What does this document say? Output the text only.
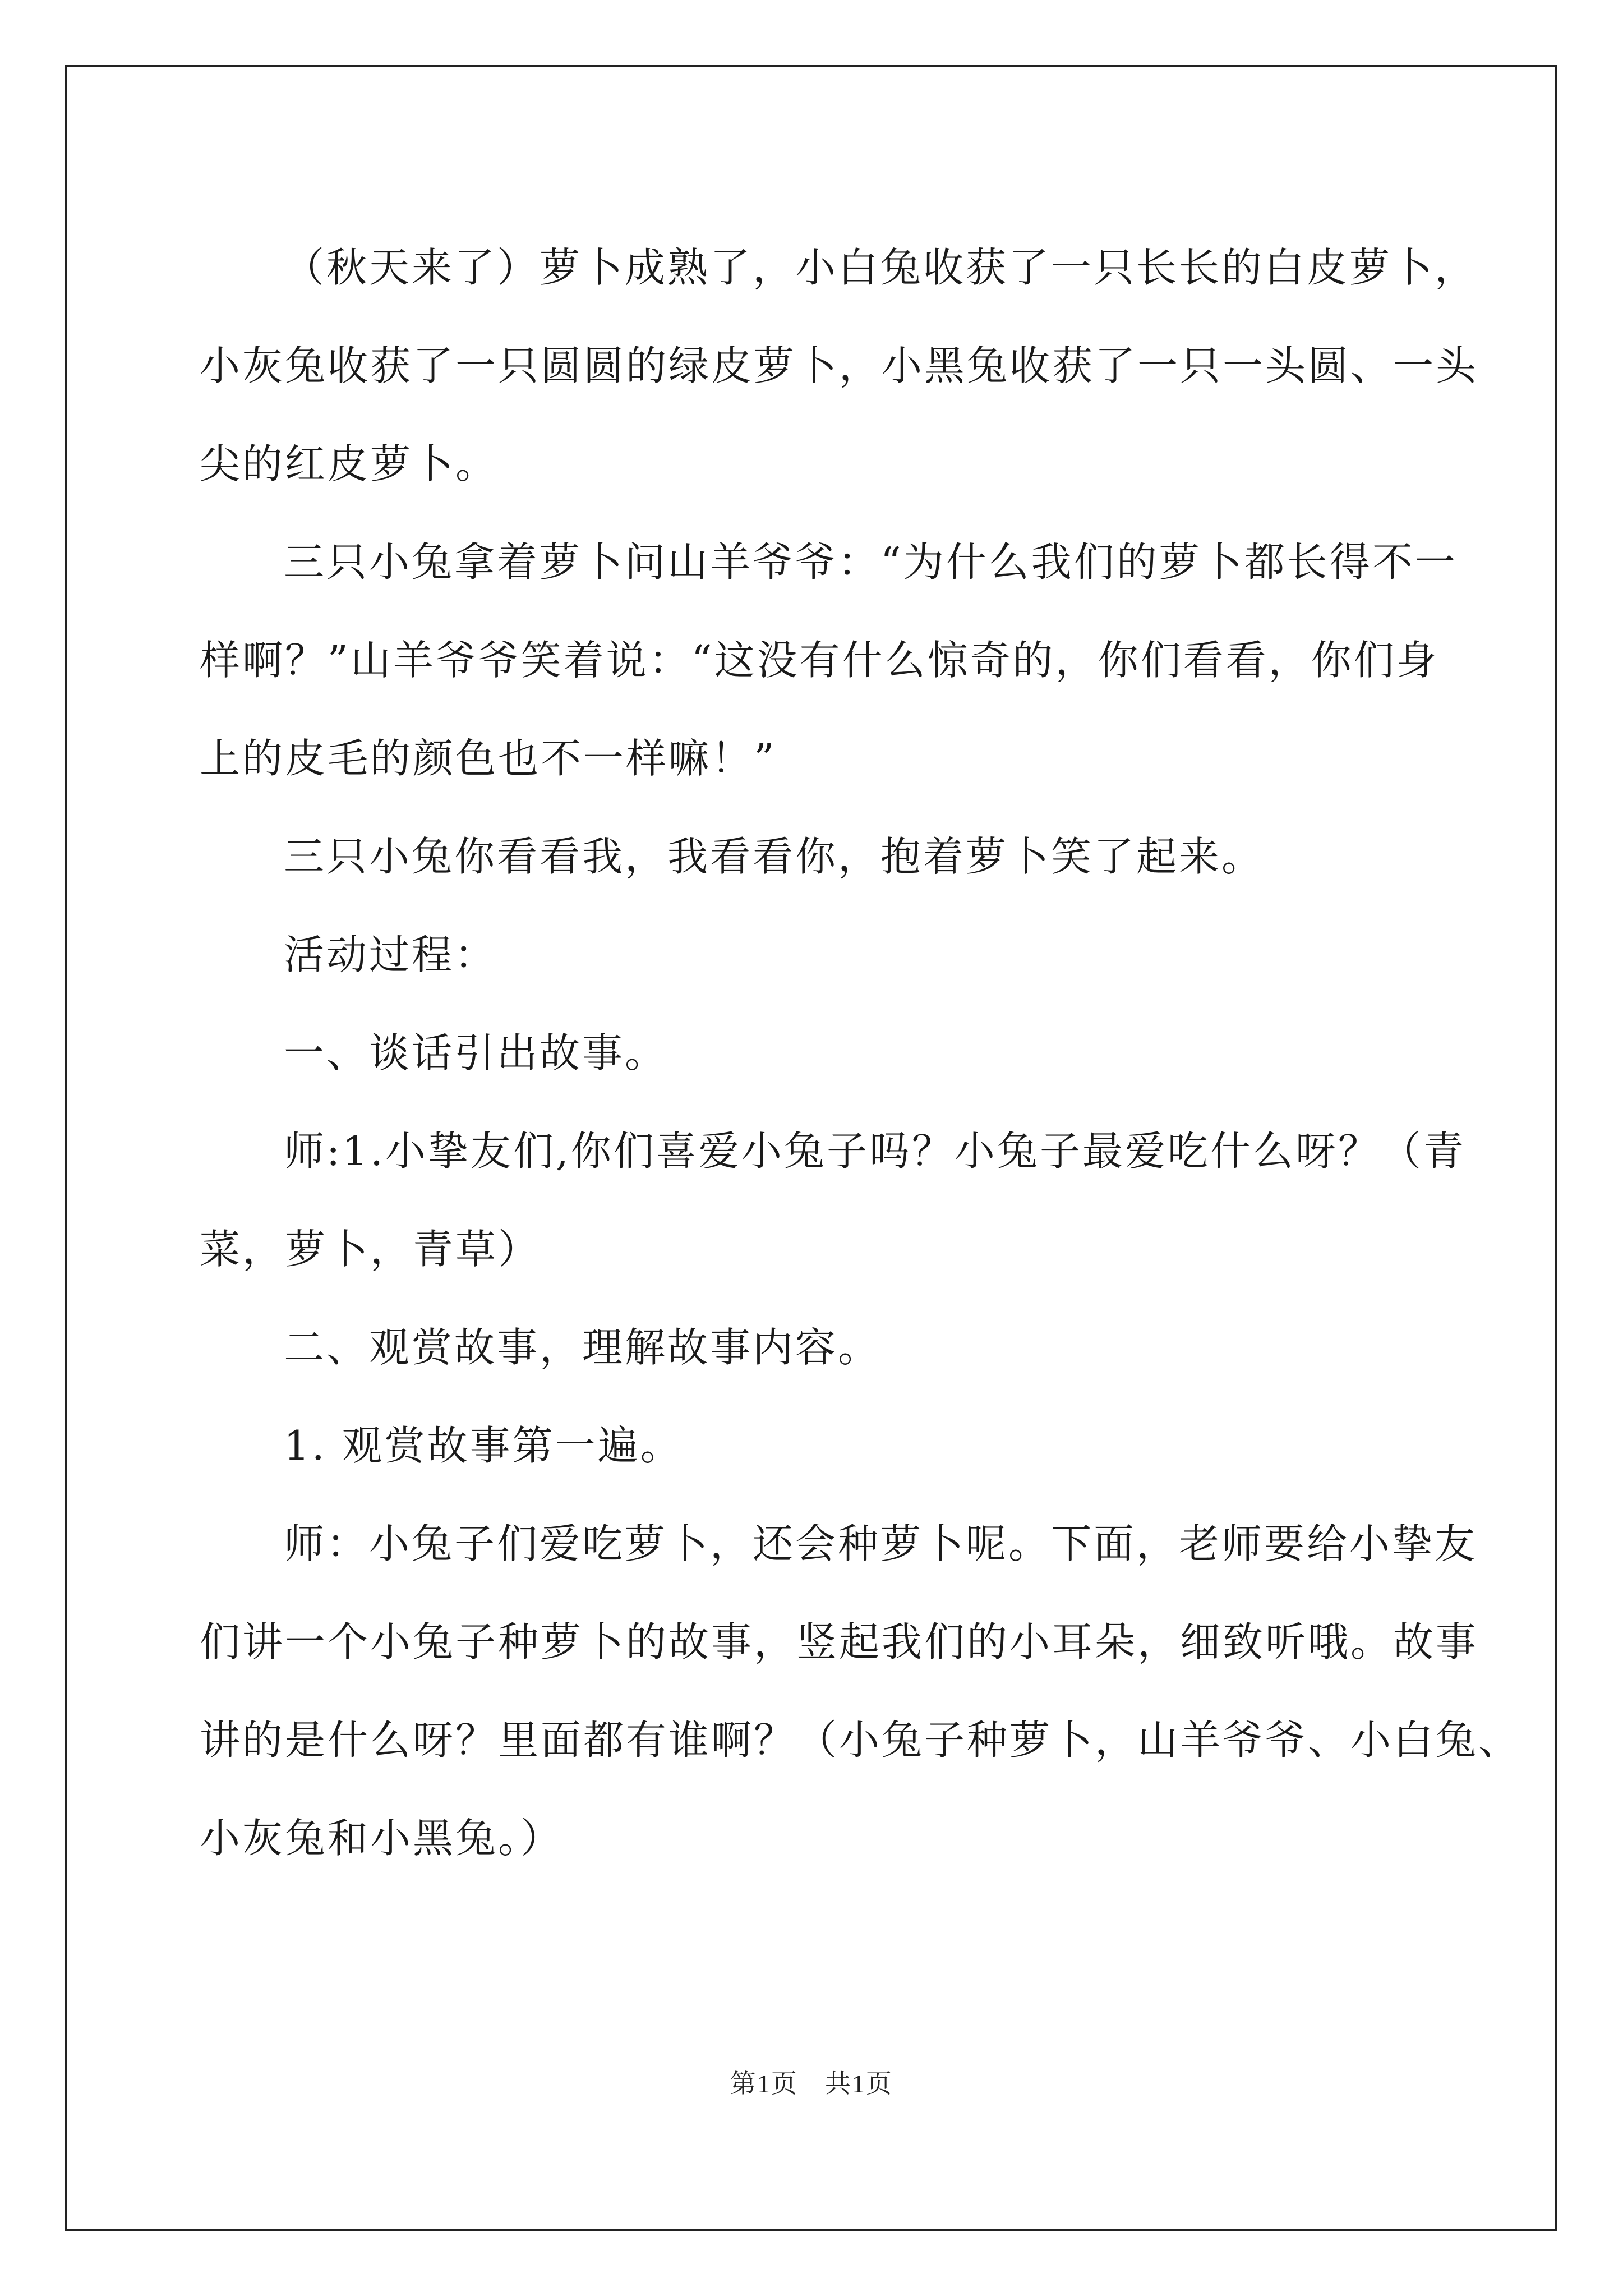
（秋天来了）萝卜成熟了，小白兔收获了一只长长的白皮萝卜，
小灰兔收获了一只圆圆的绿皮萝卜，小黑兔收获了一只一头圆、一头
尖的红皮萝卜。

三只小兔拿着萝卜问山羊爷爷：“为什么我们的萝卜都长得不一
样啊？”山羊爷爷笑着说：“这没有什么惊奇的，你们看看，你们身
上的皮毛的颜色也不一样嘛！”

三只小兔你看看我，我看看你，抱着萝卜笑了起来。

活动过程：

一、谈话引出故事。

师:1.小挚友们,你们喜爱小兔子吗？小兔子最爱吃什么呀？（青
菜，萝卜，青草）

二、观赏故事，理解故事内容。

1. 观赏故事第一遍。

师：小兔子们爱吃萝卜，还会种萝卜呢。下面，老师要给小挚友
们讲一个小兔子种萝卜的故事，竖起我们的小耳朵，细致听哦。故事
讲的是什么呀？里面都有谁啊？（小兔子种萝卜，山羊爷爷、小白兔、
小灰兔和小黑兔。）

第1页　共1页
